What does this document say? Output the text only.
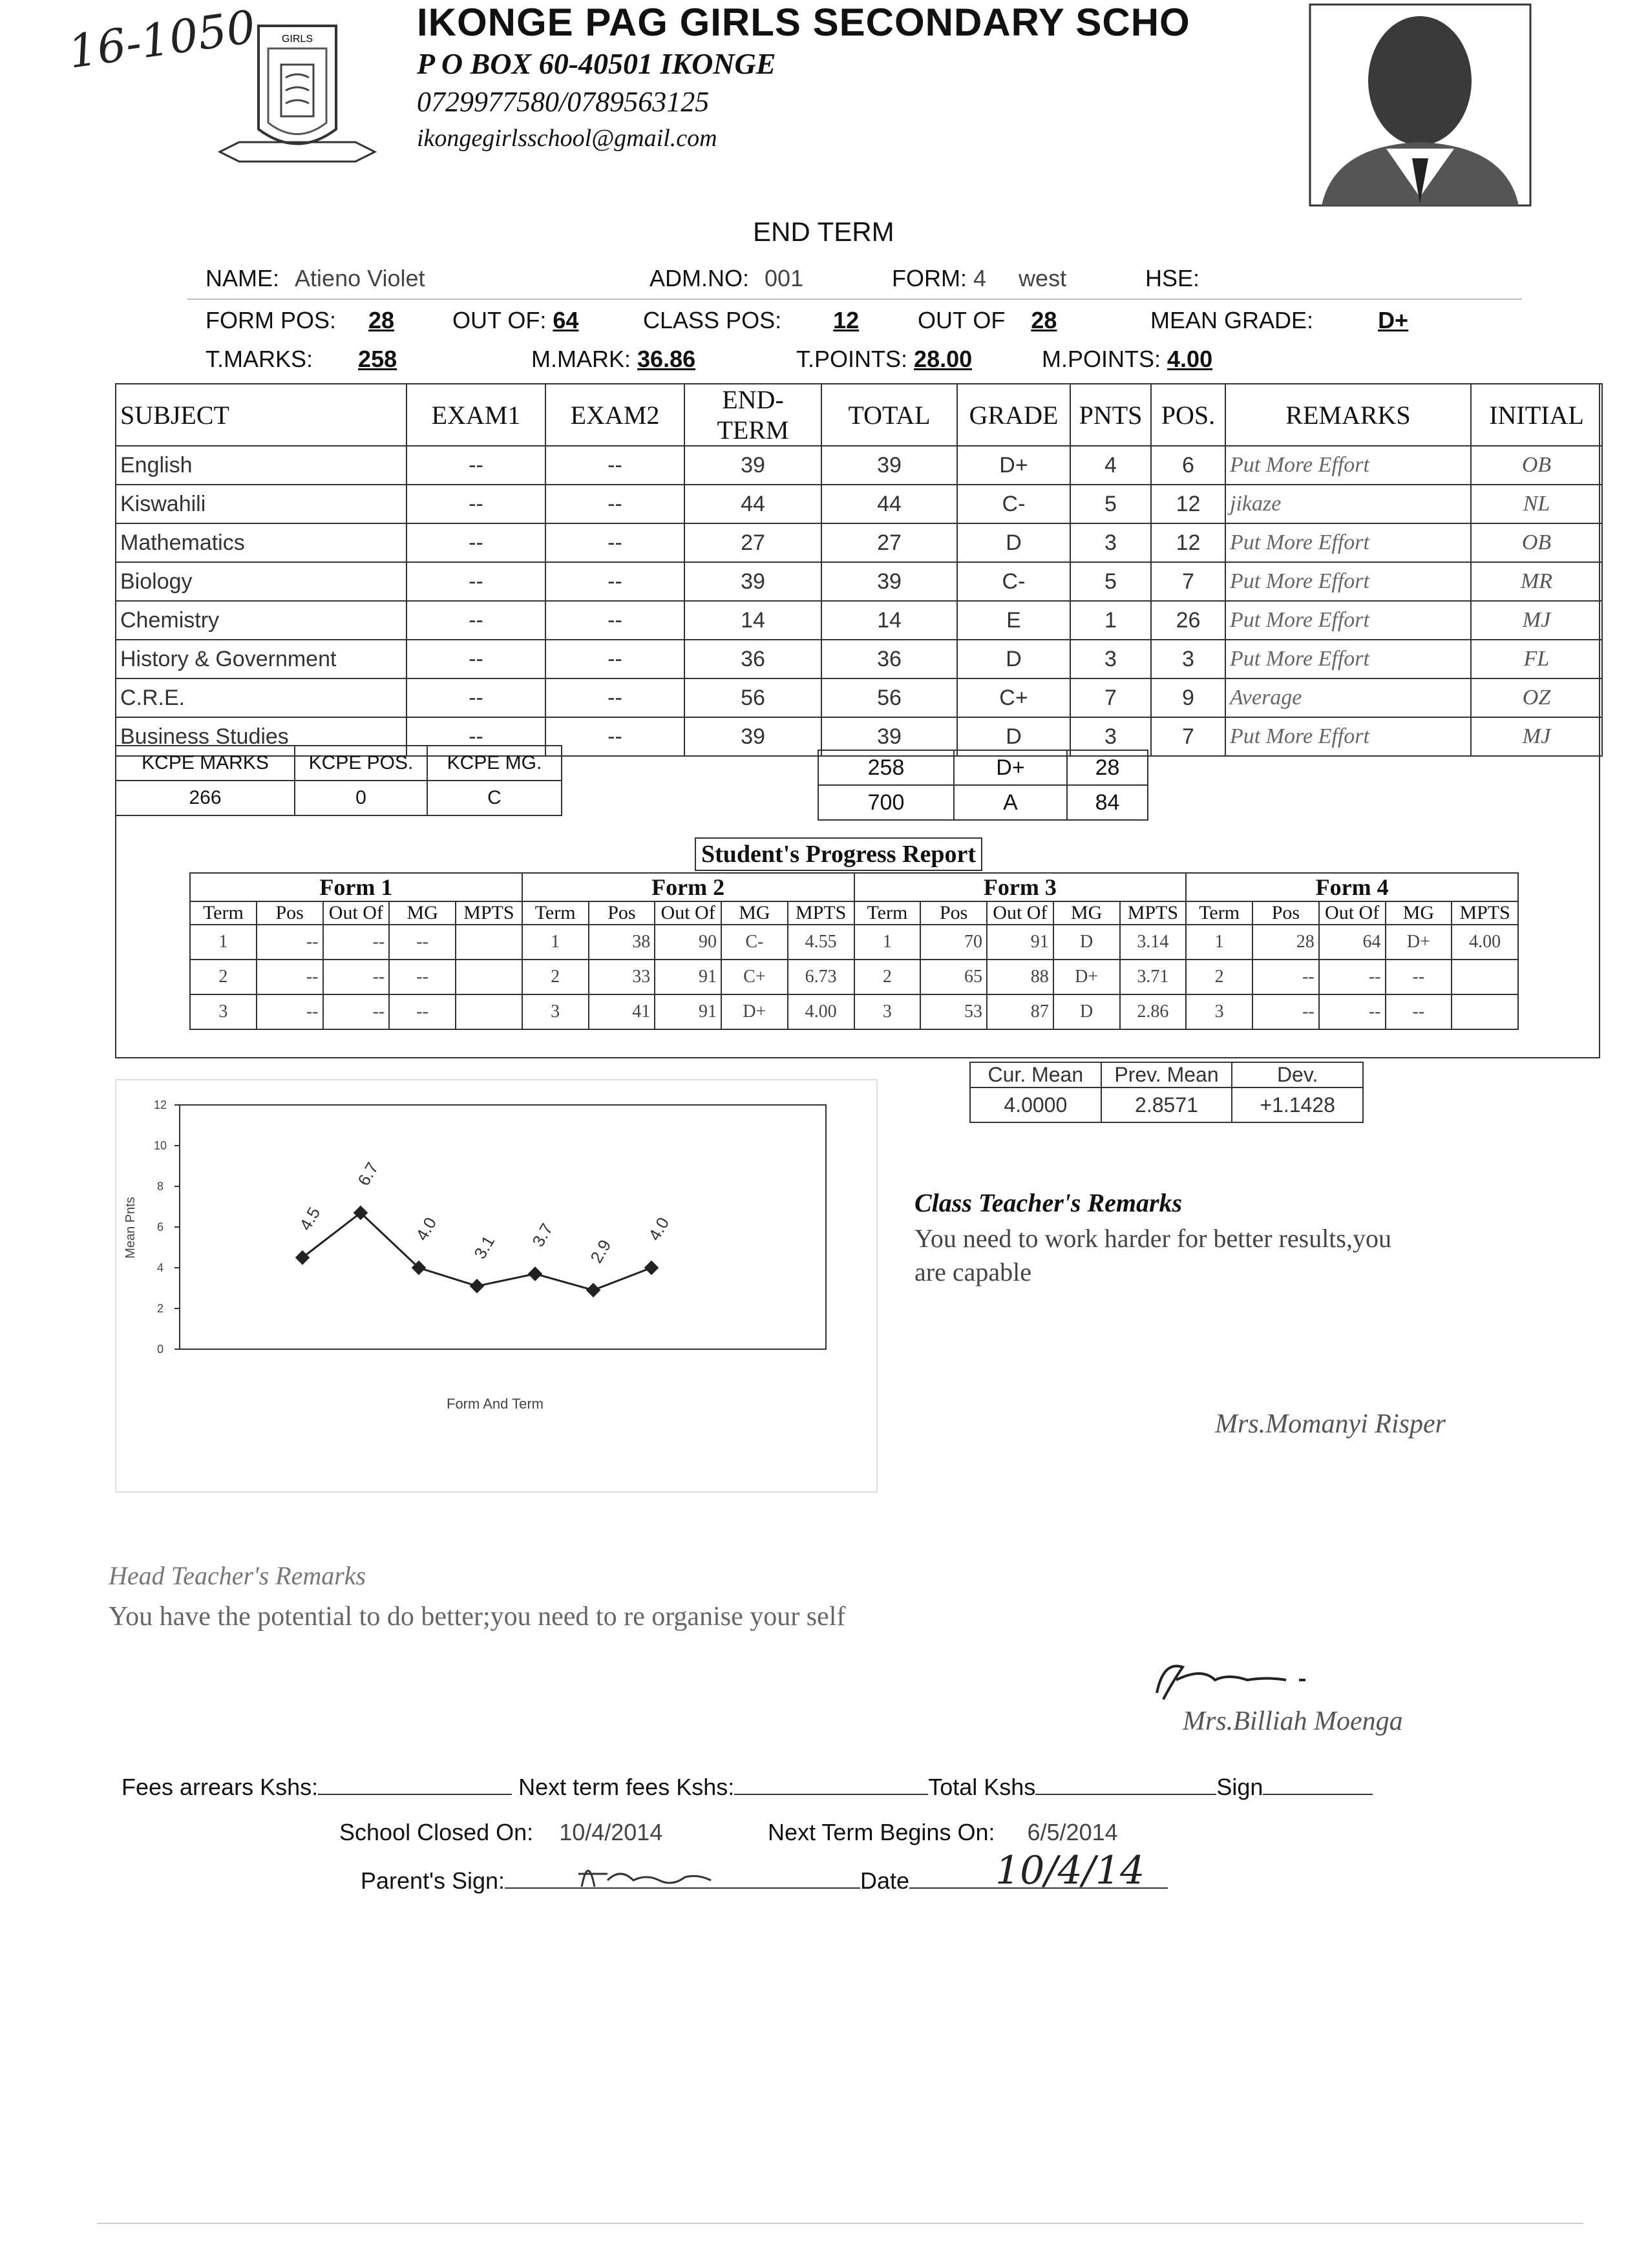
16-1050 GIRLS	IKONGE PAG GIRLS SECONDARY SCHO
P O BOX 60-40501 IKONGE
0729977580/0789563125
ikongegirlsschool@gmail.com
END TERM
NAME: Atieno Violet	ADM.NO: 001	FORM: 4 west	HSE:
FORM POS: 28 OUT OF: 64	CLASS POS: 12	OUT OF 28	MEAN GRADE:	D+
T.MARKS: 258	M.MARK: 36.86	T.POINTS: 28.00	M.POINTS: 4.00
SUBJECT	EXAM1	EXAM2	END-TERM	TOTAL	GRADE	PNTS	POS.	REMARKS	INITIAL
English	--	--	39	39	D+	4	6	Put More Effort	OB
Kiswahili	--	--	44	44	C-	5	12	jikaze	NL
Mathematics	--	--	27	27	D	3	12	Put More Effort	OB
Biology	--	--	39	39	C-	5	7	Put More Effort	MR
Chemistry	--	--	14	14	E	1	26	Put More Effort	MJ
History & Government	--	--	36	36	D	3	3	Put More Effort	FL
C.R.E.	--	--	56	56	C+	7	9	Average	OZ
Business Studies	--	--	39	39	D	3	7	Put More Effort	MJ
KCPE MARKS	KCPE POS.	KCPE MG.
266	0	C
258	D+	28
700	A	84
Student's Progress Report
Form 1					Form 2					Form 3					Form 4				
Term	Pos	Out Of	MG	MPTS	Term	Pos	Out Of	MG	MPTS	Term	Pos	Out Of	MG	MPTS	Term	Pos	Out Of	MG	MPTS
1	--	--	--		1	38	90	C-	4.55	1	70	91	D	3.14	1	28	64	D+	4.00
2	--	--	--		2	33	91	C+	6.73	2	65	88	D+	3.71	2	--	--	--	
3	--	--	--		3	41	91	D+	4.00	3	53	87	D	2.86	3	--	--	--	
Cur. Mean	Prev. Mean	Dev.
4.0000	2.8571	+1.1428
0
2
4
6
8
10
12
4.5
6.7
4.0
3.1 3.7
2.9
4.0
Mean Pnts
Form And Term
Class Teacher's Remarks
You need to work harder for better results,you
are capable
Mrs.Momanyi Risper
Head Teacher's Remarks
You have the potential to do better;you need to re organise your self
Mrs.Billiah Moenga
Fees arrears Kshs:	Next term fees Kshs:	Total Kshs	Sign
School Closed On: 10/4/2014	Next Term Begins On: 6/5/2014
Parent's Sign:	Date	10/4/14
